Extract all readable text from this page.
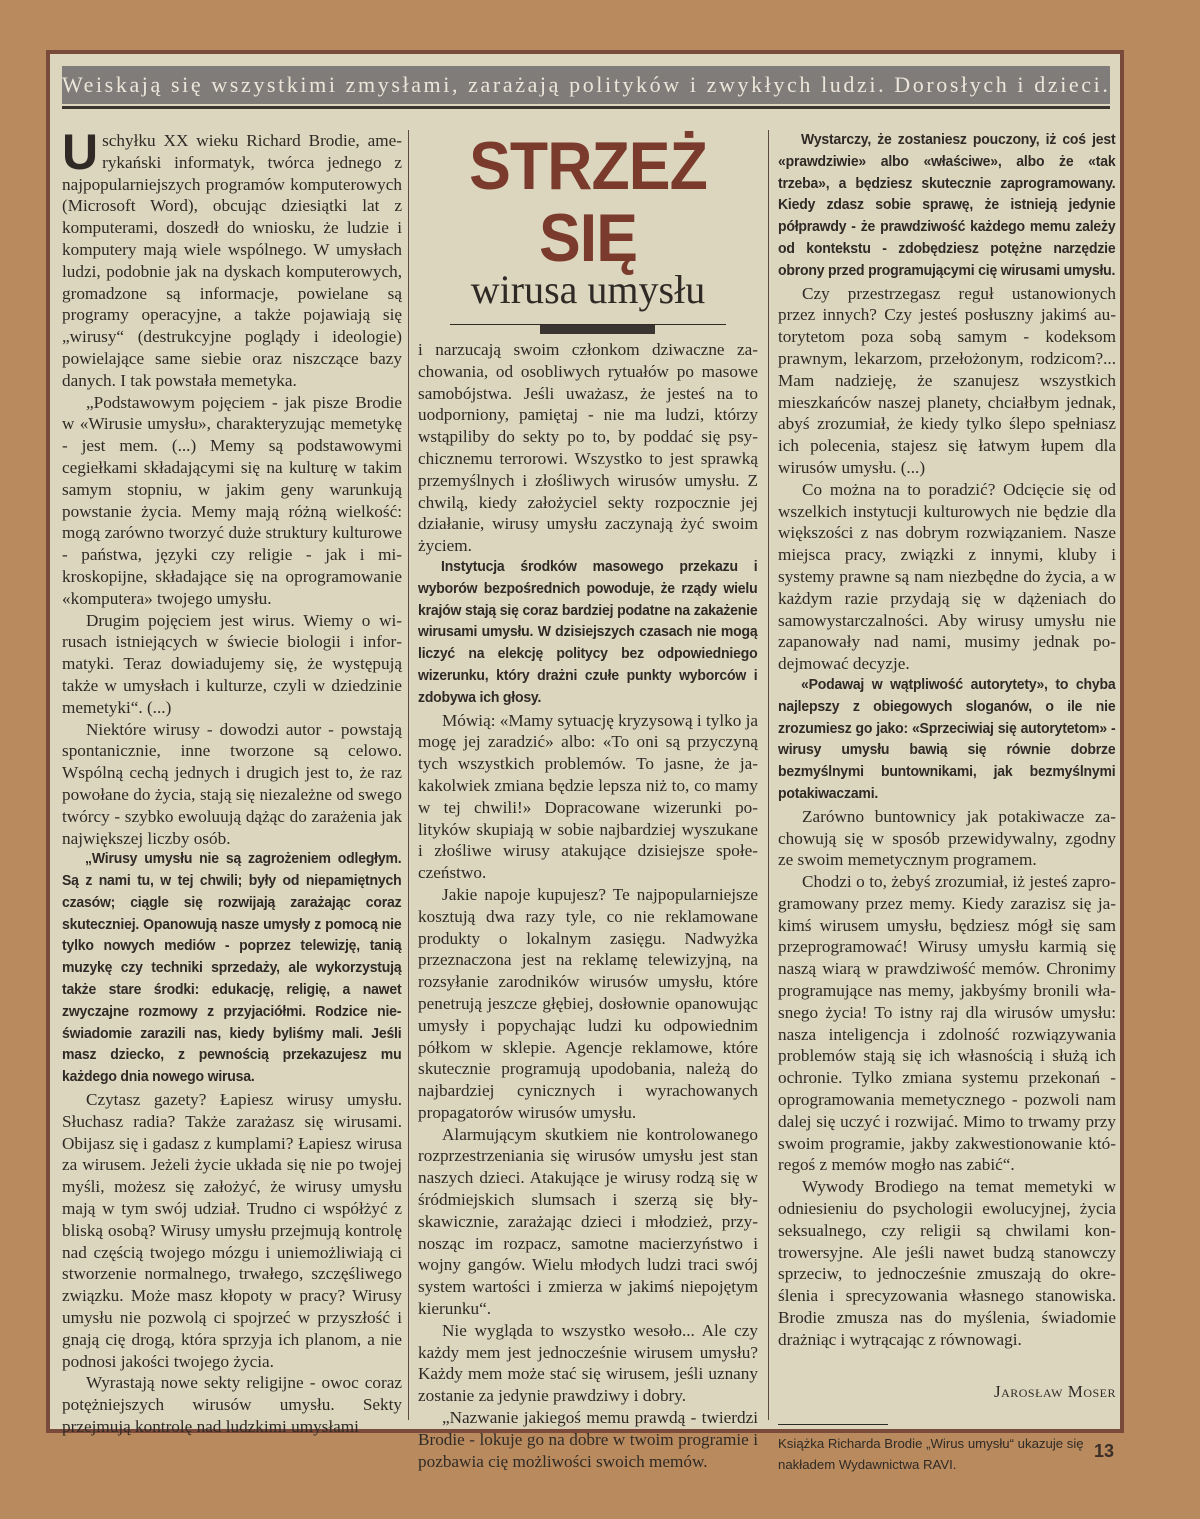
Weiskają się wszystkimi zmysłami, zarażają polityków i zwykłych ludzi. Dorosłych i dzieci.

Uschyłku XX wieku Richard Brodie, amerykański informatyk, twórca jednego z najpopularniejszych programów komputerowych (Microsoft Word), obcując dziesiątki lat z komputerami, doszedł do wniosku, że ludzie i komputery mają wiele wspólnego. W umysłach ludzi, podobnie jak na dyskach komputerowych, gromadzone są informacje, powielane są programy operacyjne, a także pojawiają się „wirusy“ (destrukcyjne poglądy i ideologie) powielające same siebie oraz niszczące bazy danych. I tak powstała memetyka.

„Podstawowym pojęciem - jak pisze Brodie w «Wirusie umysłu», charakteryzując memetykę - jest mem. (...) Memy są podstawowymi cegiełkami składającymi się na kulturę w takim samym stopniu, w jakim geny warunkują powstanie życia. Memy mają różną wielkość: mogą zarówno tworzyć duże struktury kulturowe - państwa, języki czy religie - jak i mikroskopijne, składające się na oprogramowanie «komputera» twojego umysłu.

Drugim pojęciem jest wirus. Wiemy o wirusach istniejących w świecie biologii i informatyki. Teraz dowiadujemy się, że występują także w umysłach i kulturze, czyli w dziedzinie memetyki“. (...)

Niektóre wirusy - dowodzi autor - powstają spontanicznie, inne tworzone są celowo. Wspólną cechą jednych i drugich jest to, że raz powołane do życia, stają się niezależne od swego twórcy - szybko ewoluują dążąc do zarażenia jak największej liczby osób.

„Wirusy umysłu nie są zagrożeniem odległym. Są z nami tu, w tej chwili; były od niepamiętnych czasów; ciągle się rozwijają zarażając coraz skuteczniej. Opanowują nasze umysły z pomocą nie tylko nowych mediów - poprzez telewizję, tanią muzykę czy techniki sprzedaży, ale wykorzystują także stare środki: edukację, religię, a nawet zwyczajne rozmowy z przyjaciółmi. Rodzice nieświadomie zarazili nas, kiedy byliśmy mali. Jeśli masz dziecko, z pewnością przekazujesz mu każdego dnia nowego wirusa.

Czytasz gazety? Łapiesz wirusy umysłu. Słuchasz radia? Także zarażasz się wirusami. Obijasz się i gadasz z kumplami? Łapiesz wirusa za wirusem. Jeżeli życie układa się nie po twojej myśli, możesz się założyć, że wirusy umysłu mają w tym swój udział. Trudno ci współżyć z bliską osobą? Wirusy umysłu przejmują kontrolę nad częścią twojego mózgu i uniemożliwiają ci stworzenie normalnego, trwałego, szczęśliwego związku. Może masz kłopoty w pracy? Wirusy umysłu nie pozwolą ci spojrzeć w przyszłość i gnają cię drogą, która sprzyja ich planom, a nie podnosi jakości twojego życia.

Wyrastają nowe sekty religijne - owoc coraz potężniejszych wirusów umysłu. Sekty przejmują kontrolę nad ludzkimi umysłami

STRZEŻ SIĘ
wirusa umysłu

i narzucają swoim członkom dziwaczne zachowania, od osobliwych rytuałów po masowe samobójstwa. Jeśli uważasz, że jesteś na to uodporniony, pamiętaj - nie ma ludzi, którzy wstąpiliby do sekty po to, by poddać się psychicznemu terrorowi. Wszystko to jest sprawką przemyślnych i złośliwych wirusów umysłu. Z chwilą, kiedy założyciel sekty rozpocznie jej działanie, wirusy umysłu zaczynają żyć swoim życiem.

Instytucja środków masowego przekazu i wyborów bezpośrednich powoduje, że rządy wielu krajów stają się coraz bardziej podatne na zakażenie wirusami umysłu. W dzisiejszych czasach nie mogą liczyć na elekcję politycy bez odpowiedniego wizerunku, który drażni czułe punkty wyborców i zdobywa ich głosy.

Mówią: «Mamy sytuację kryzysową i tylko ja mogę jej zaradzić» albo: «To oni są przyczyną tych wszystkich problemów. To jasne, że jakakolwiek zmiana będzie lepsza niż to, co mamy w tej chwili!» Dopracowane wizerunki polityków skupiają w sobie najbardziej wyszukane i złośliwe wirusy atakujące dzisiejsze społeczeństwo.

Jakie napoje kupujesz? Te najpopularniejsze kosztują dwa razy tyle, co nie reklamowane produkty o lokalnym zasięgu. Nadwyżka przeznaczona jest na reklamę telewizyjną, na rozsyłanie zarodników wirusów umysłu, które penetrują jeszcze głębiej, dosłownie opanowując umysły i popychając ludzi ku odpowiednim półkom w sklepie. Agencje reklamowe, które skutecznie programują upodobania, należą do najbardziej cynicznych i wyrachowanych propagatorów wirusów umysłu.

Alarmującym skutkiem nie kontrolowanego rozprzestrzeniania się wirusów umysłu jest stan naszych dzieci. Atakujące je wirusy rodzą się w śródmiejskich slumsach i szerzą się błyskawicznie, zarażając dzieci i młodzież, przynosząc im rozpacz, samotne macierzyństwo i wojny gangów. Wielu młodych ludzi traci swój system wartości i zmierza w jakimś niepojętym kierunku“.

Nie wygląda to wszystko wesoło... Ale czy każdy mem jest jednocześnie wirusem umysłu? Każdy mem może stać się wirusem, jeśli uznany zostanie za jedynie prawdziwy i dobry.

„Nazwanie jakiegoś memu prawdą - twierdzi Brodie - lokuje go na dobre w twoim programie i pozbawia cię możliwości swoich memów.

Wystarczy, że zostaniesz pouczony, iż coś jest «prawdziwie» albo «właściwe», albo że «tak trzeba», a będziesz skutecznie zaprogramowany. Kiedy zdasz sobie sprawę, że istnieją jedynie półprawdy - że prawdziwość każdego memu zależy od kontekstu - zdobędziesz potężne narzędzie obrony przed programującymi cię wirusami umysłu.

Czy przestrzegasz reguł ustanowionych przez innych? Czy jesteś posłuszny jakimś autorytetom poza sobą samym - kodeksom prawnym, lekarzom, przełożonym, rodzicom?... Mam nadzieję, że szanujesz wszystkich mieszkańców naszej planety, chciałbym jednak, abyś zrozumiał, że kiedy tylko ślepo spełniasz ich polecenia, stajesz się łatwym łupem dla wirusów umysłu. (...)

Co można na to poradzić? Odcięcie się od wszelkich instytucji kulturowych nie będzie dla większości z nas dobrym rozwiązaniem. Nasze miejsca pracy, związki z innymi, kluby i systemy prawne są nam niezbędne do życia, a w każdym razie przydają się w dążeniach do samowystarczalności. Aby wirusy umysłu nie zapanowały nad nami, musimy jednak podejmować decyzje.

«Podawaj w wątpliwość autorytety», to chyba najlepszy z obiegowych sloganów, o ile nie zrozumiesz go jako: «Sprzeciwiaj się autorytetom» - wirusy umysłu bawią się równie dobrze bezmyślnymi buntownikami, jak bezmyślnymi potakiwaczami.

Zarówno buntownicy jak potakiwacze zachowują się w sposób przewidywalny, zgodny ze swoim memetycznym programem.

Chodzi o to, żebyś zrozumiał, iż jesteś zaprogramowany przez memy. Kiedy zarazisz się jakimś wirusem umysłu, będziesz mógł się sam przeprogramować! Wirusy umysłu karmią się naszą wiarą w prawdziwość memów. Chronimy programujące nas memy, jakbyśmy bronili własnego życia! To istny raj dla wirusów umysłu: nasza inteligencja i zdolność rozwiązywania problemów stają się ich własnością i służą ich ochronie. Tylko zmiana systemu przekonań - oprogramowania memetycznego - pozwoli nam dalej się uczyć i rozwijać. Mimo to trwamy przy swoim programie, jakby zakwestionowanie któregoś z memów mogło nas zabić“.

Wywody Brodiego na temat memetyki w odniesieniu do psychologii ewolucyjnej, życia seksualnego, czy religii są chwilami kontrowersyjne. Ale jeśli nawet budzą stanowczy sprzeciw, to jednocześnie zmuszają do określenia i sprecyzowania własnego stanowiska. Brodie zmusza nas do myślenia, świadomie drażniąc i wytrącając z równowagi.

Jarosław Moser
Książka Richarda Brodie „Wirus umysłu“ ukazuje się nakładem Wydawnictwa RAVI.
13
